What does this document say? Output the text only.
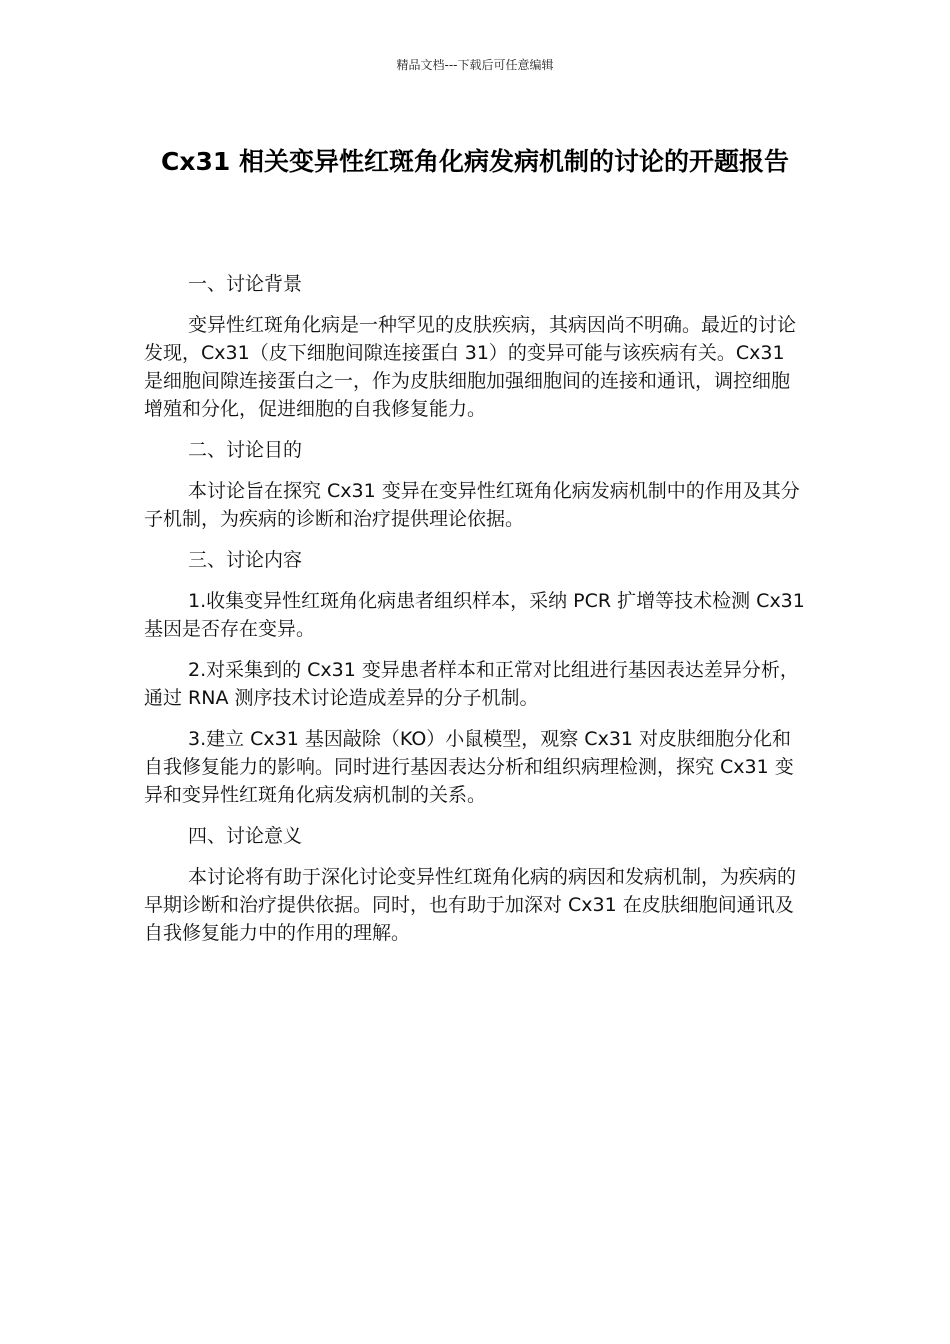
精品文档---下载后可任意编辑
Cx31 相关变异性红斑角化病发病机制的讨论的开题报告
一、讨论背景
变异性红斑角化病是一种罕见的皮肤疾病，其病因尚不明确。最近的讨论发现，Cx31（皮下细胞间隙连接蛋白 31）的变异可能与该疾病有关。Cx31 是细胞间隙连接蛋白之一，作为皮肤细胞加强细胞间的连接和通讯，调控细胞增殖和分化，促进细胞的自我修复能力。
二、讨论目的
本讨论旨在探究 Cx31 变异在变异性红斑角化病发病机制中的作用及其分子机制，为疾病的诊断和治疗提供理论依据。
三、讨论内容
1.收集变异性红斑角化病患者组织样本，采纳 PCR 扩增等技术检测 Cx31 基因是否存在变异。
2.对采集到的 Cx31 变异患者样本和正常对比组进行基因表达差异分析，通过 RNA 测序技术讨论造成差异的分子机制。
3.建立 Cx31 基因敲除（KO）小鼠模型，观察 Cx31 对皮肤细胞分化和自我修复能力的影响。同时进行基因表达分析和组织病理检测，探究 Cx31 变异和变异性红斑角化病发病机制的关系。
四、讨论意义
本讨论将有助于深化讨论变异性红斑角化病的病因和发病机制，为疾病的早期诊断和治疗提供依据。同时，也有助于加深对 Cx31 在皮肤细胞间通讯及自我修复能力中的作用的理解。
